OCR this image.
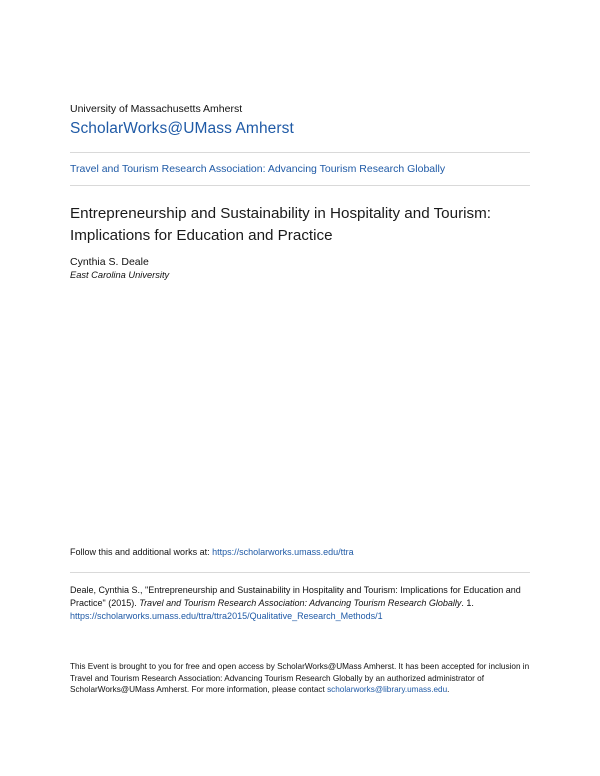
University of Massachusetts Amherst
ScholarWorks@UMass Amherst
Travel and Tourism Research Association: Advancing Tourism Research Globally
Entrepreneurship and Sustainability in Hospitality and Tourism: Implications for Education and Practice
Cynthia S. Deale
East Carolina University
Follow this and additional works at: https://scholarworks.umass.edu/ttra
Deale, Cynthia S., "Entrepreneurship and Sustainability in Hospitality and Tourism: Implications for Education and Practice" (2015). Travel and Tourism Research Association: Advancing Tourism Research Globally. 1.
https://scholarworks.umass.edu/ttra/ttra2015/Qualitative_Research_Methods/1
This Event is brought to you for free and open access by ScholarWorks@UMass Amherst. It has been accepted for inclusion in Travel and Tourism Research Association: Advancing Tourism Research Globally by an authorized administrator of ScholarWorks@UMass Amherst. For more information, please contact scholarworks@library.umass.edu.
